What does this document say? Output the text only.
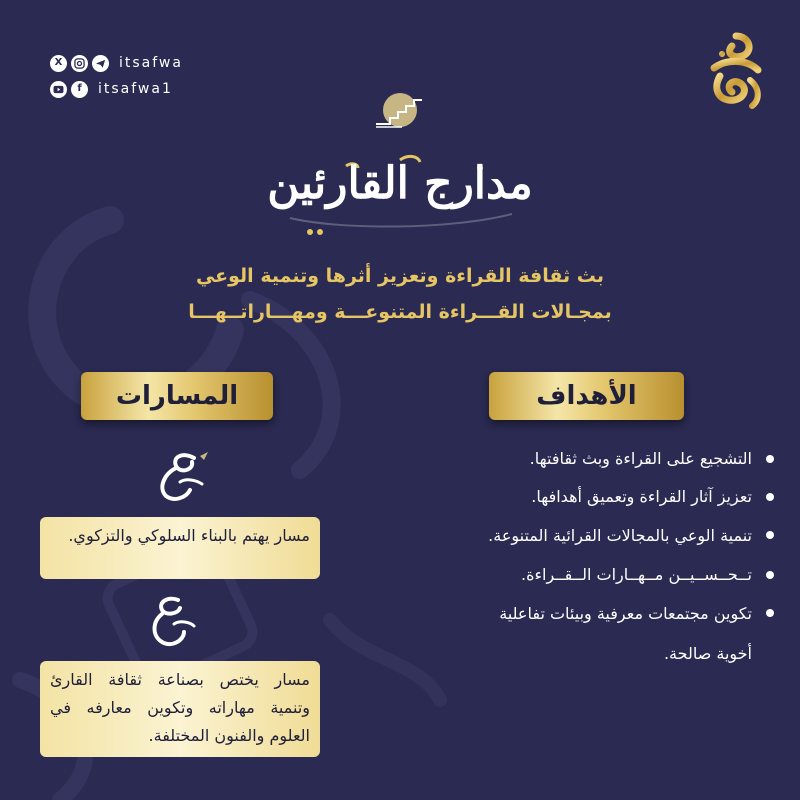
X	itsafwa
f	itsafwa1
مدارج القارئين
بث ثقافة القراءة وتعزيز أثرها وتنمية الوعي
بمجـالات القـــراءة المتنوعـــة ومهـــاراتــهـــا
الأهداف
المسارات
التشجيع على القراءة وبث ثقافتها.
تعزيز آثار القراءة وتعميق أهدافها.
تنمية الوعي بالمجالات القرائية المتنوعة.
تــحــســيــن مــهــارات الــقــراءة.
تكوين مجتمعات معرفية وبيئات تفاعلية أخوية صالحة.
مسار يهتم بالبناء السلوكي والتزكوي.
مسار يختص بصناعة ثقافة القارئ وتنمية مهاراته وتكوين معارفه في العلوم والفنون المختلفة.
